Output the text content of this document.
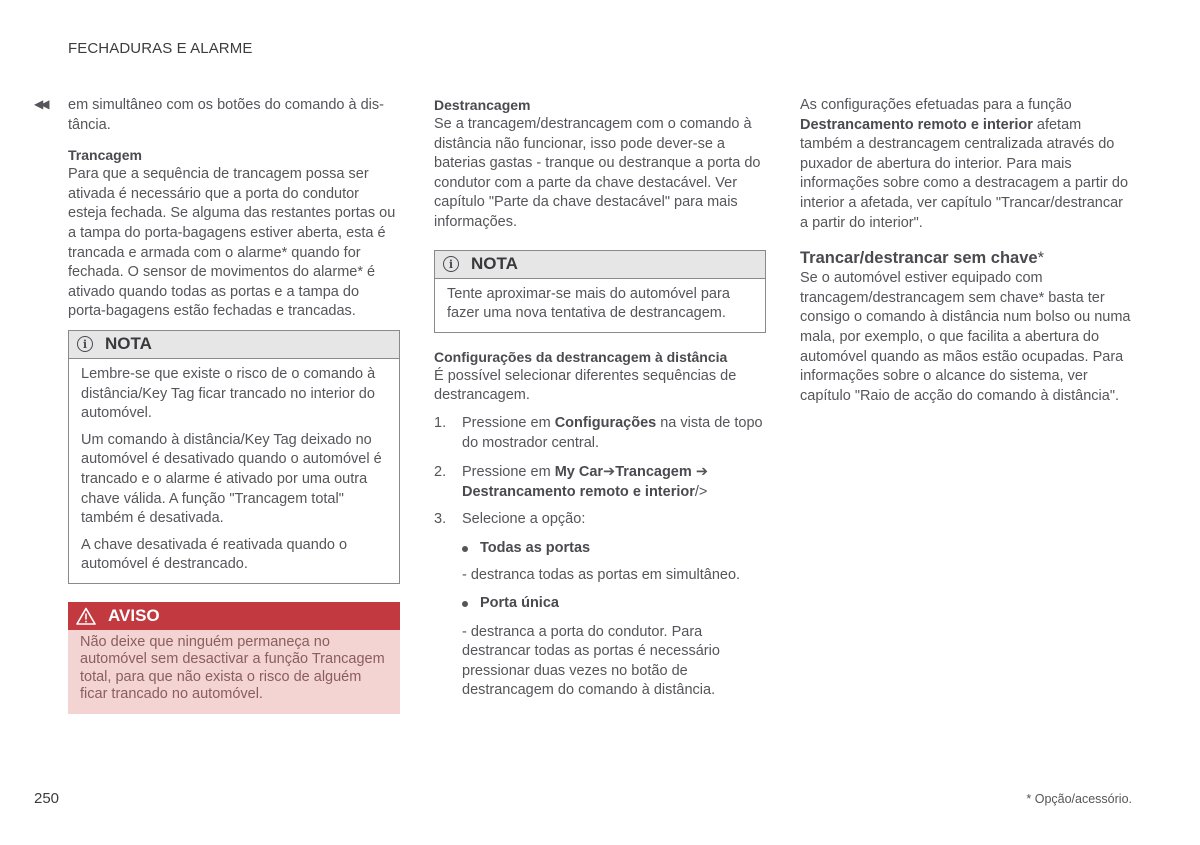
FECHADURAS E ALARME
◀◀ em simultâneo com os botões do comando à dis-tância.

Trancagem

Para que a sequência de trancagem possa ser ativada é necessário que a porta do condutor esteja fechada. Se alguma das restantes portas ou a tampa do porta-bagagens estiver aberta, esta é trancada e armada com o alarme* quando for fechada. O sensor de movimentos do alarme* é ativado quando todas as portas e a tampa do porta-bagagens estão fechadas e trancadas.

i	NOTA

Lembre-se que existe o risco de o comando à distância/Key Tag ficar trancado no interior do automóvel.

Um comando à distância/Key Tag deixado no automóvel é desativado quando o automóvel é trancado e o alarme é ativado por uma outra chave válida. A função "Trancagem total" também é desativada.

A chave desativada é reativada quando o automóvel é destrancado.

AVISO

Não deixe que ninguém permaneça no automóvel sem desactivar a função Trancagem total, para que não exista o risco de alguém ficar trancado no automóvel.

Destrancagem

Se a trancagem/destrancagem com o comando à distância não funcionar, isso pode dever-se a baterias gastas - tranque ou destranque a porta do condutor com a parte da chave destacável. Ver capítulo "Parte da chave destacável" para mais informações.

i	NOTA

Tente aproximar-se mais do automóvel para fazer uma nova tentativa de destrancagem.

Configurações da destrancagem à distância

É possível selecionar diferentes sequências de destrancagem.

1.	Pressione em Configurações na vista de topo do mostrador central.

2.	Pressione em My Car➔Trancagem ➔
Destrancamento remoto e interior/>

3.	Selecione a opção:

Todas as portas

- destranca todas as portas em simultâneo.

Porta única

- destranca a porta do condutor. Para destrancar todas as portas é necessário pressionar duas vezes no botão de destrancagem do comando à distância.

As configurações efetuadas para a função Destrancamento remoto e interior afetam também a destrancagem centralizada através do puxador de abertura do interior. Para mais informações sobre como a destracagem a partir do interior a afetada, ver capítulo "Trancar/destrancar a partir do interior".

Trancar/destrancar sem chave*

Se o automóvel estiver equipado com trancagem/destrancagem sem chave* basta ter consigo o comando à distância num bolso ou numa mala, por exemplo, o que facilita a abertura do automóvel quando as mãos estão ocupadas. Para informações sobre o alcance do sistema, ver capítulo "Raio de acção do comando à distância".

250	* Opção/acessório.
